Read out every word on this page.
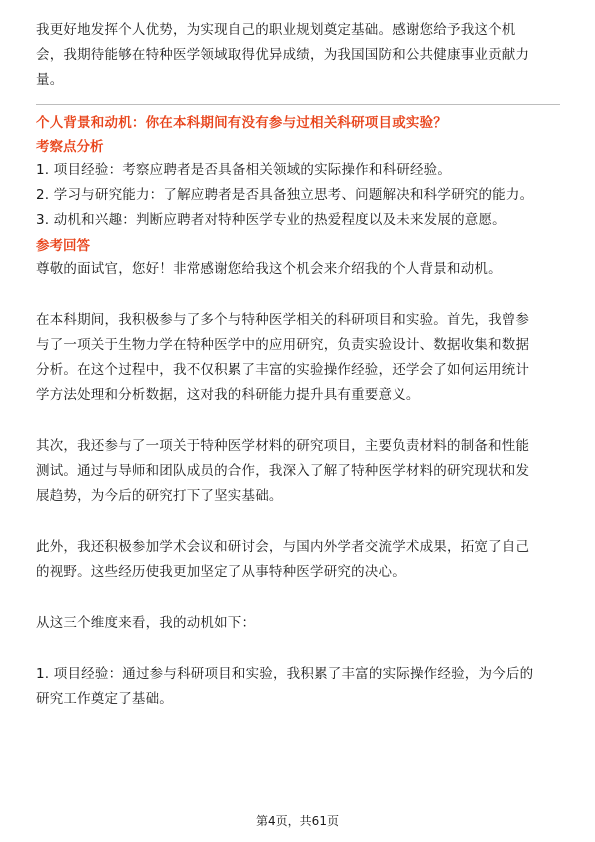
我更好地发挥个人优势，为实现自己的职业规划奠定基础。感谢您给予我这个机

会，我期待能够在特种医学领域取得优异成绩，为我国国防和公共健康事业贡献力

量。

个人背景和动机：你在本科期间有没有参与过相关科研项目或实验？

考察点分析

1. 项目经验：考察应聘者是否具备相关领域的实际操作和科研经验。

2. 学习与研究能力：了解应聘者是否具备独立思考、问题解决和科学研究的能力。

3. 动机和兴趣：判断应聘者对特种医学专业的热爱程度以及未来发展的意愿。

参考回答

尊敬的面试官，您好！非常感谢您给我这个机会来介绍我的个人背景和动机。

在本科期间，我积极参与了多个与特种医学相关的科研项目和实验。首先，我曾参

与了一项关于生物力学在特种医学中的应用研究，负责实验设计、数据收集和数据

分析。在这个过程中，我不仅积累了丰富的实验操作经验，还学会了如何运用统计

学方法处理和分析数据，这对我的科研能力提升具有重要意义。

其次，我还参与了一项关于特种医学材料的研究项目，主要负责材料的制备和性能

测试。通过与导师和团队成员的合作，我深入了解了特种医学材料的研究现状和发

展趋势，为今后的研究打下了坚实基础。

此外，我还积极参加学术会议和研讨会，与国内外学者交流学术成果，拓宽了自己

的视野。这些经历使我更加坚定了从事特种医学研究的决心。

从这三个维度来看，我的动机如下：

1. 项目经验：通过参与科研项目和实验，我积累了丰富的实际操作经验，为今后的

研究工作奠定了基础。

第4页，共61页
